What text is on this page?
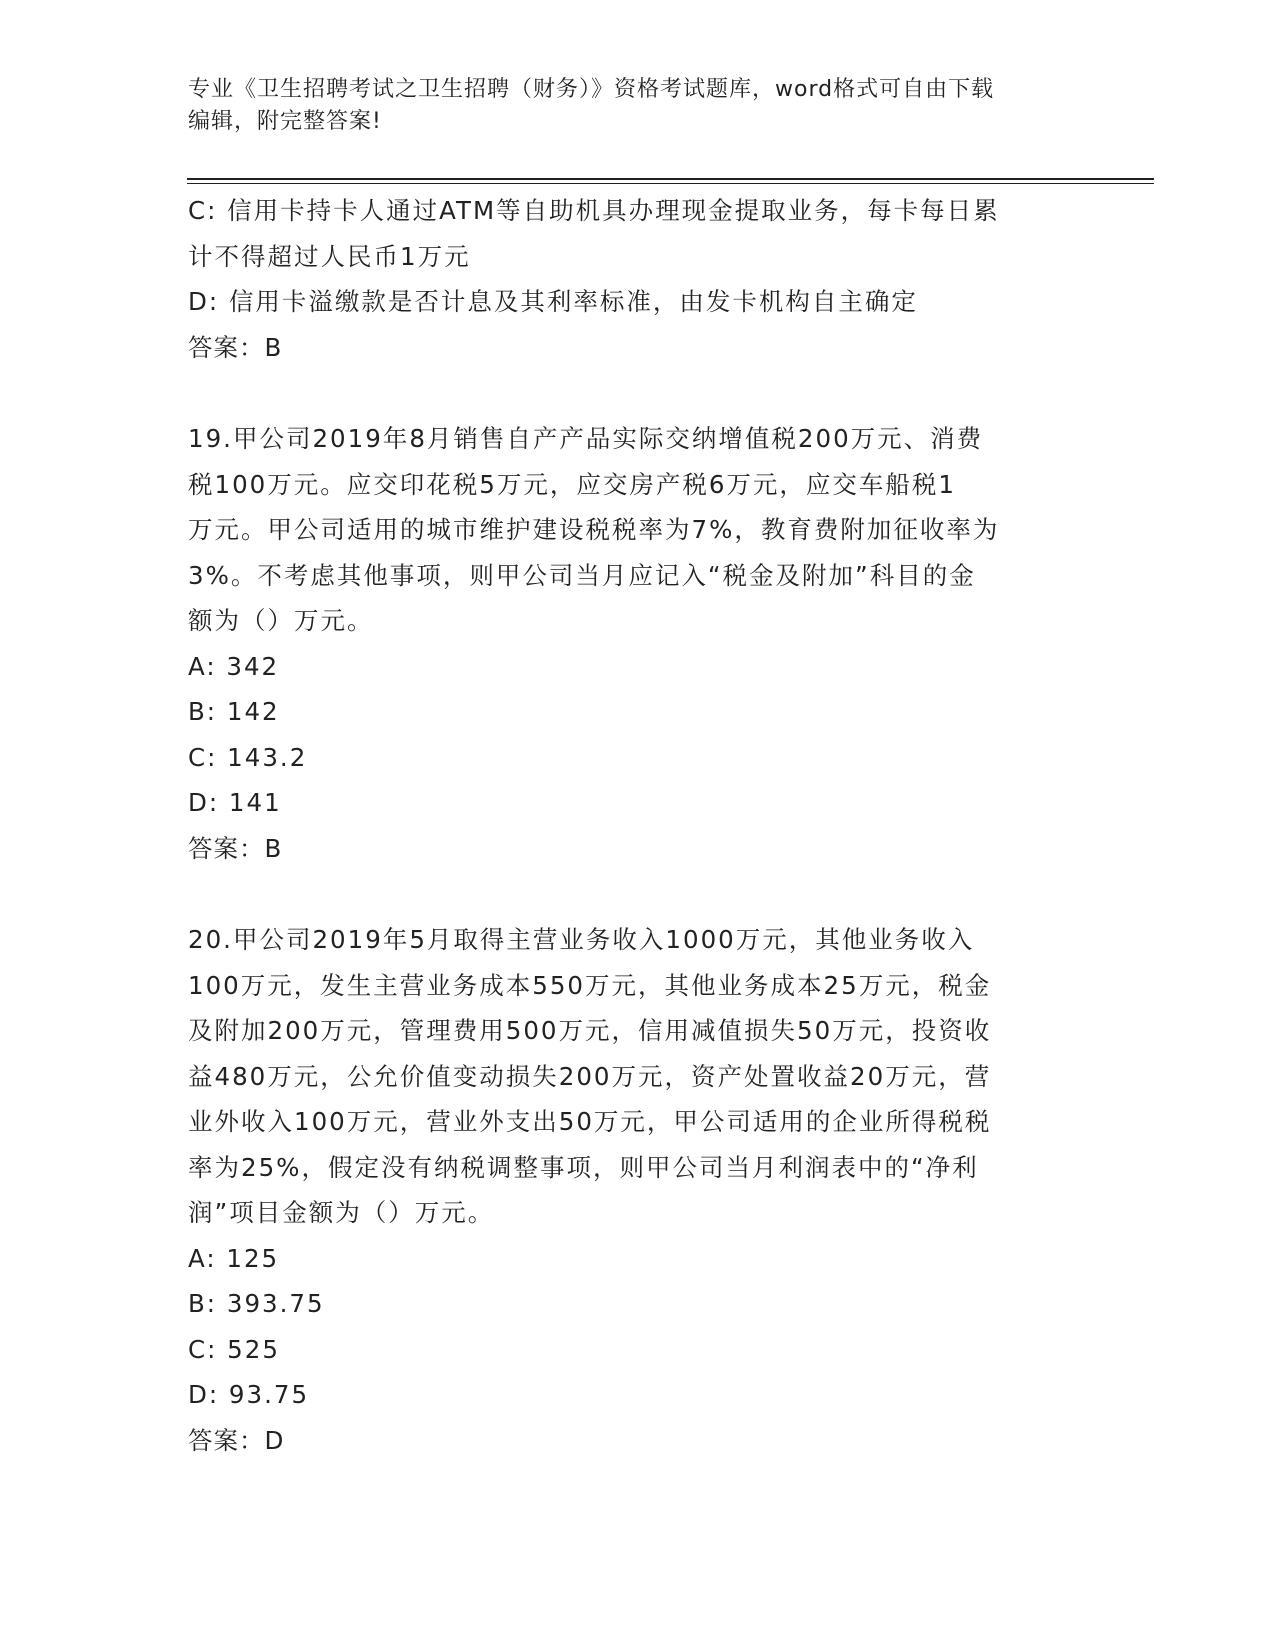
专业《卫生招聘考试之卫生招聘（财务）》资格考试题库，word格式可自由下载
编辑，附完整答案!
C: 信用卡持卡人通过ATM等自助机具办理现金提取业务，每卡每日累
计不得超过人民币1万元
D: 信用卡溢缴款是否计息及其利率标准，由发卡机构自主确定
答案：B
19.甲公司2019年8月销售自产产品实际交纳增值税200万元、消费
税100万元。应交印花税5万元，应交房产税6万元，应交车船税1
万元。甲公司适用的城市维护建设税税率为7%，教育费附加征收率为
3%。不考虑其他事项，则甲公司当月应记入“税金及附加”科目的金
额为（）万元。
A: 342
B: 142
C: 143.2
D: 141
答案：B
20.甲公司2019年5月取得主营业务收入1000万元，其他业务收入
100万元，发生主营业务成本550万元，其他业务成本25万元，税金
及附加200万元，管理费用500万元，信用减值损失50万元，投资收
益480万元，公允价值变动损失200万元，资产处置收益20万元，营
业外收入100万元，营业外支出50万元，甲公司适用的企业所得税税
率为25%，假定没有纳税调整事项，则甲公司当月利润表中的“净利
润”项目金额为（）万元。
A: 125
B: 393.75
C: 525
D: 93.75
答案：D
